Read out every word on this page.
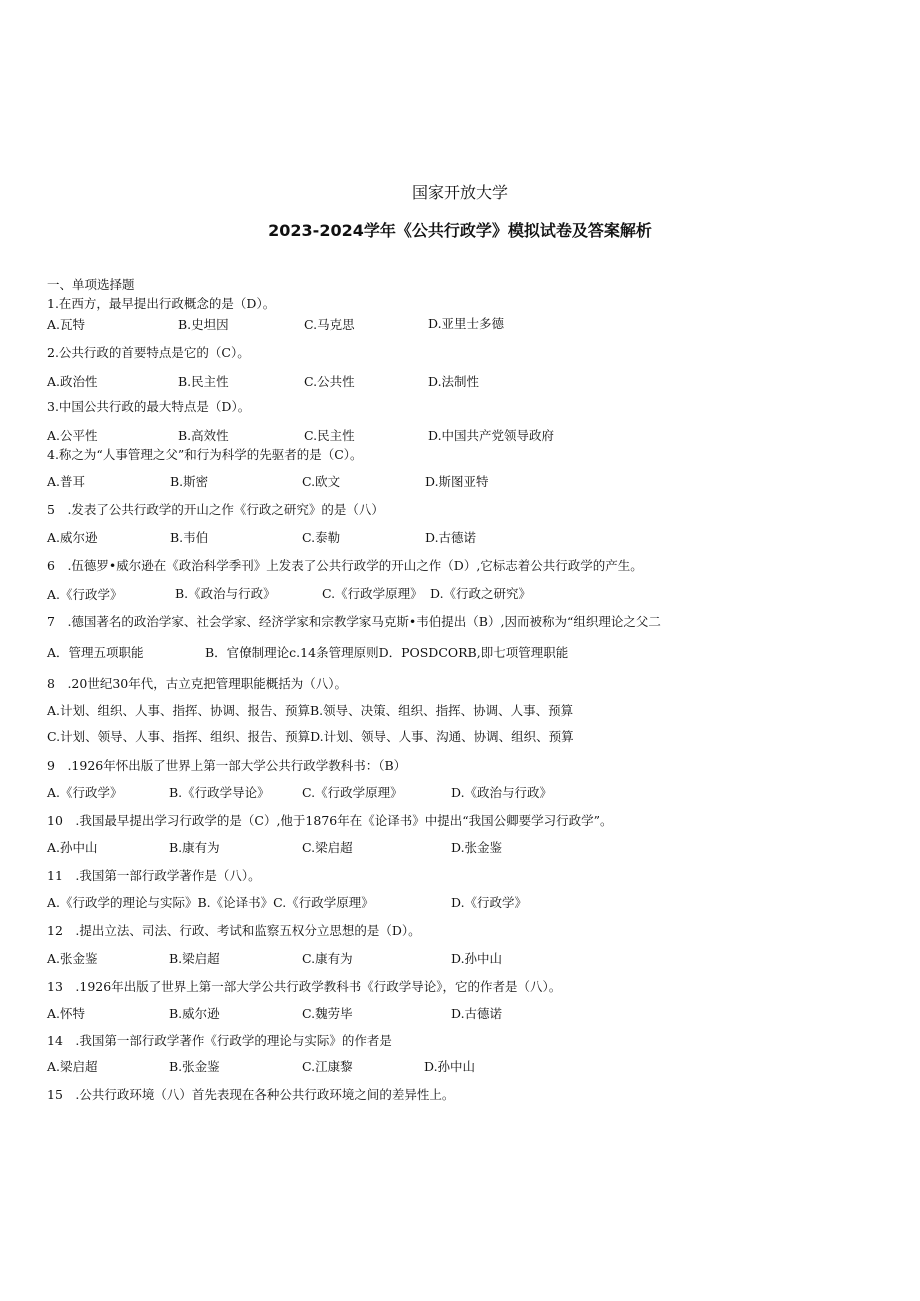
国家开放大学
2023-2024学年《公共行政学》模拟试卷及答案解析
一、单项选择题
1.在西方，最早提出行政概念的是（D）。
A.瓦特	B.史坦因	C.马克思	D.亚里士多德
2.公共行政的首要特点是它的（C）。
A.政治性	B.民主性	C.公共性	D.法制性
3.中国公共行政的最大特点是（D）。
A.公平性	B.高效性	C.民主性	D.中国共产党领导政府
4.称之为“人事管理之父”和行为科学的先驱者的是（C）。
A.普耳	B.斯密	C.欧文	D.斯图亚特
5　.发表了公共行政学的开山之作《行政之研究》的是（八）
A.威尔逊	B.韦伯	C.泰勒	D.古德诺
6　.伍德罗•威尔逊在《政治科学季刊》上发表了公共行政学的开山之作（D）,它标志着公共行政学的产生。
A.《行政学》	B.《政治与行政》	C.《行政学原理》 D.《行政之研究》
7　.德国著名的政治学家、社会学家、经济学家和宗教学家马克斯•韦伯提出（B）,因而被称为“组织理论之父二
A．管理五项职能	B．官僚制理论c.14条管理原则D．POSDCORB,即七项管理职能
8　.20世纪30年代，古立克把管理职能概括为（八）。
A.计划、组织、人事、指挥、协调、报告、预算B.领导、决策、组织、指挥、协调、人事、预算
C.计划、领导、人事、指挥、组织、报告、预算D.计划、领导、人事、沟通、协调、组织、预算
9　.1926年怀出版了世界上第一部大学公共行政学教科书：（B）
A.《行政学》	B.《行政学导论》	C.《行政学原理》	D.《政治与行政》
10　.我国最早提出学习行政学的是（C）,他于1876年在《论译书》中提出“我国公卿要学习行政学”。
A.孙中山	B.康有为	C.梁启超	D.张金鉴
11　.我国第一部行政学著作是（八）。
A.《行政学的理论与实际》B.《论译书》C.《行政学原理》	D.《行政学》
12　.提出立法、司法、行政、考试和监察五权分立思想的是（D）。
A.张金鉴	B.梁启超	C.康有为	D.孙中山
13　.1926年出版了世界上第一部大学公共行政学教科书《行政学导论》，它的作者是（八）。
A.怀特	B.威尔逊	C.魏劳毕	D.古德诺
14　.我国第一部行政学著作《行政学的理论与实际》的作者是
A.梁启超	B.张金鉴	C.江康黎	D.孙中山
15　.公共行政环境（八）首先表现在各种公共行政环境之间的差异性上。
